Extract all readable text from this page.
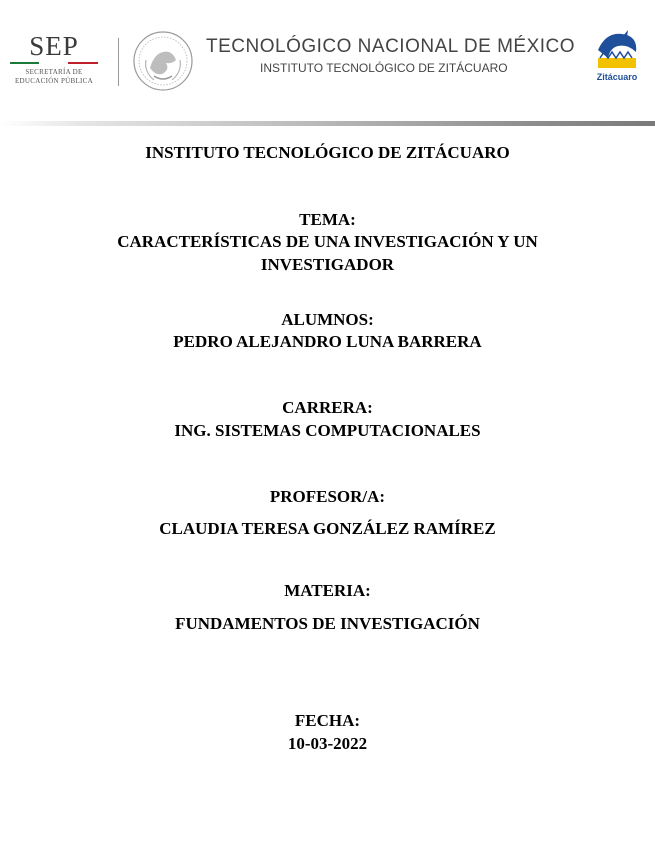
SEP
SECRETARÍA DE
EDUCACIÓN PÚBLICA
TECNOLÓGICO NACIONAL DE MÉXICO
INSTITUTO TECNOLÓGICO DE ZITÁCUARO
Zitácuaro
INSTITUTO TECNOLÓGICO DE ZITÁCUARO
TEMA:
CARACTERÍSTICAS DE UNA INVESTIGACIÓN Y UN
INVESTIGADOR
ALUMNOS:
PEDRO ALEJANDRO LUNA BARRERA
CARRERA:
ING. SISTEMAS COMPUTACIONALES
PROFESOR/A:
CLAUDIA TERESA GONZÁLEZ RAMÍREZ
MATERIA:
FUNDAMENTOS DE INVESTIGACIÓN
FECHA:
10-03-2022
